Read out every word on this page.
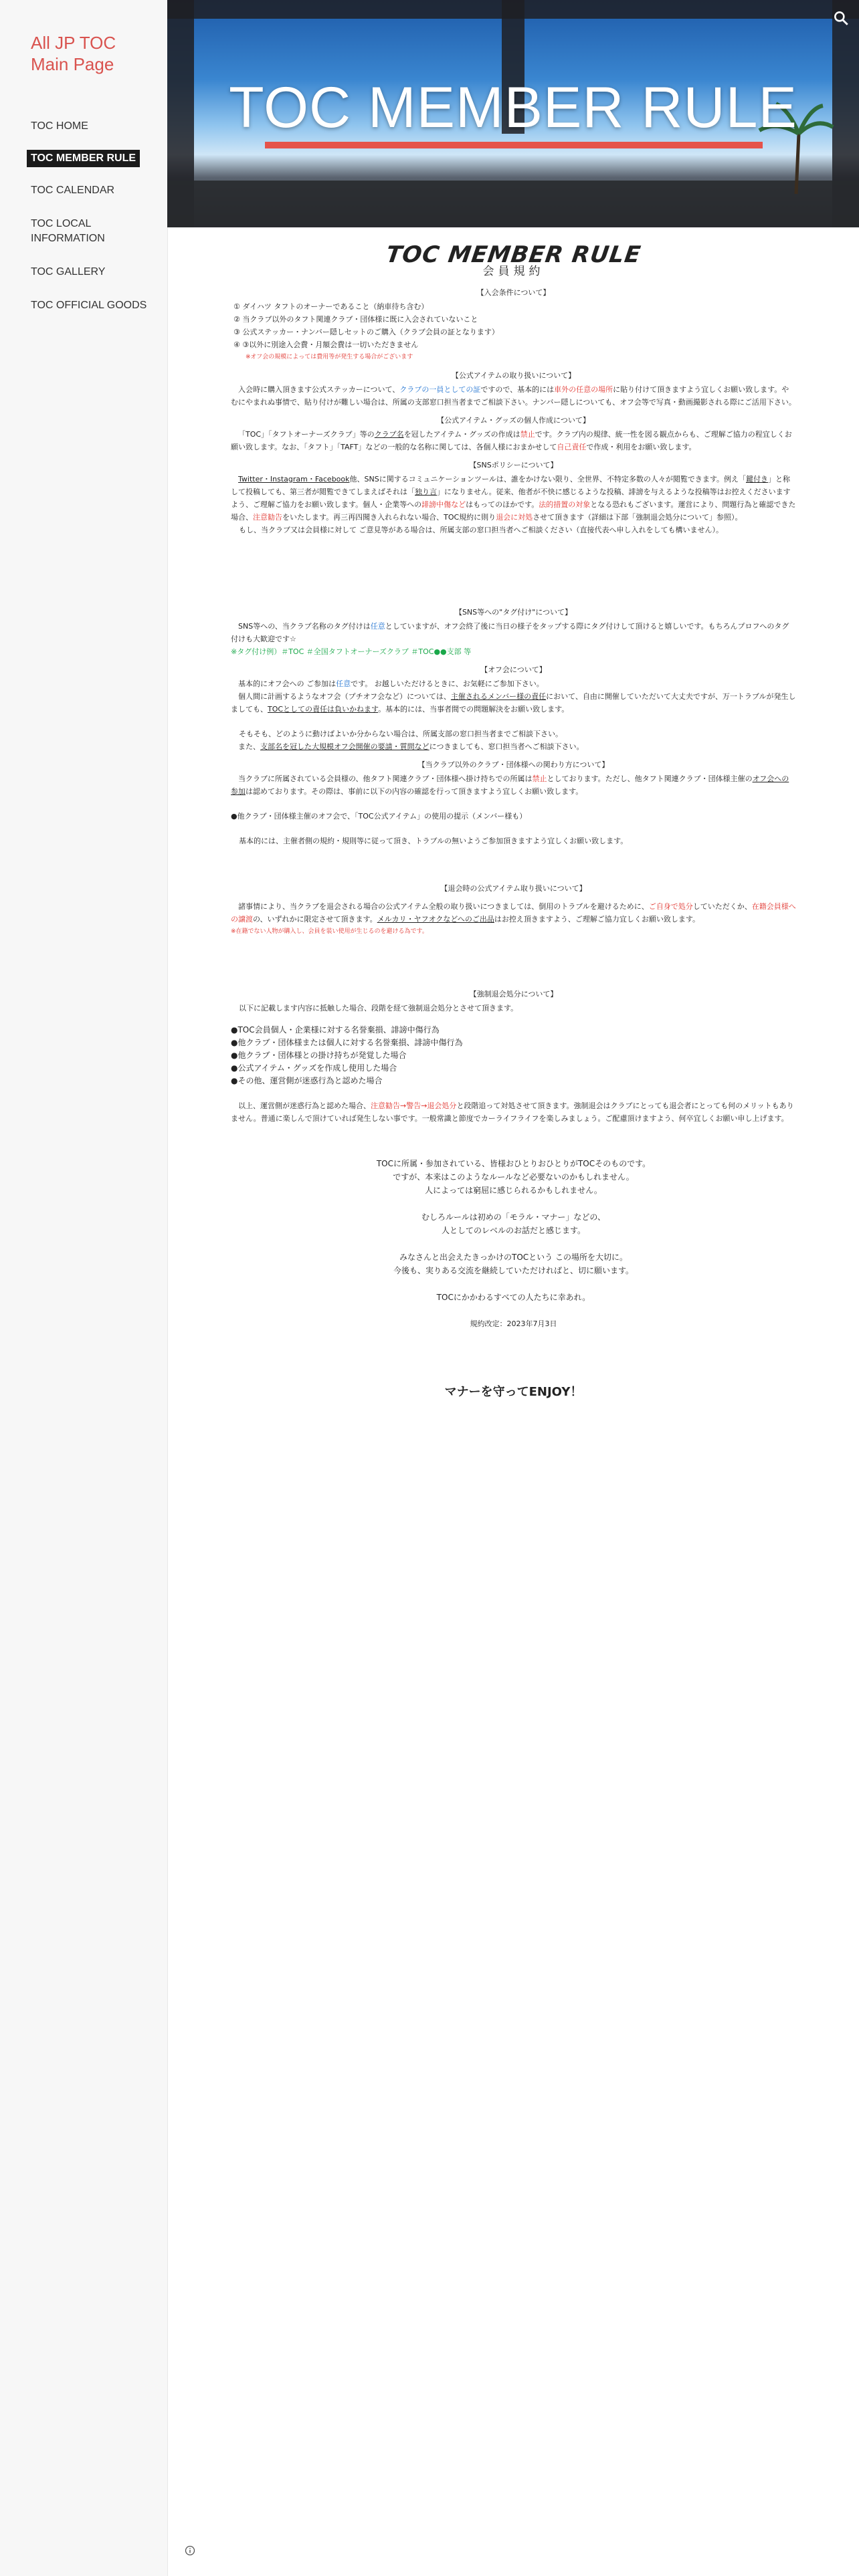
All JP TOC Main Page
TOC HOME
TOC MEMBER RULE
TOC CALENDAR
TOC LOCAL INFORMATION
TOC GALLERY
TOC OFFICIAL GOODS
TOC MEMBER RULE
TOC MEMBER RULE
会員規約
【入会条件について】

① ダイハツ タフトのオーナーであること（納車待ち含む）

② 当クラブ以外のタフト関連クラブ・団体様に既に入会されていないこと

③ 公式ステッカー・ナンバー隠しセットのご購入（クラブ会員の証となります）

④ ③以外に別途入会費・月額会費は一切いただきません

※オフ会の規模によっては費用等が発生する場合がございます

【公式アイテムの取り扱いについて】

 入会時に購入頂きます公式ステッカーについて、クラブの一員としての証ですので、基本的には車外の任意の場所に貼り付けて頂きますよう宜しくお願い致します。やむにやまれぬ事情で、貼り付けが難しい場合は、所属の支部窓口担当者までご相談下さい。ナンバー隠しについても、オフ会等で写真・動画撮影される際にご活用下さい。

【公式アイテム・グッズの個人作成について】

 「TOC」「タフトオーナーズクラブ」等のクラブ名を冠したアイテム・グッズの作成は禁止です。クラブ内の規律、統一性を図る観点からも、ご理解ご協力の程宜しくお願い致します。なお、「タフト」「TAFT」などの一般的な名称に関しては、各個人様におまかせして自己責任で作成・利用をお願い致します。

【SNSポリシーについて】

 Twitter・Instagram・Facebook他、SNSに関するコミュニケーションツールは、誰をかけない限り、全世界、不特定多数の人々が閲覧できます。例え「鍵付き」と称して投稿しても、第三者が閲覧できてしまえばそれは「独り言」になりません。従来、他者が不快に感じるような投稿、誹謗を与えるような投稿等はお控えくださいますよう、ご理解ご協力をお願い致します。個人・企業等への誹謗中傷などはもってのほかです。法的措置の対象となる恐れもございます。運営により、問題行為と確認できた場合、注意勧告をいたします。再三再四聞き入れられない場合、TOC規約に則り退会に対処させて頂きます（詳細は下部「強制退会処分について」参照）。

もし、当クラブ又は会員様に対して ご意見等がある場合は、所属支部の窓口担当者へご相談ください（直接代表へ申し入れをしても構いません）。

【SNS等への"タグ付け"について】

 SNS等への、当クラブ名称のタグ付けは任意としていますが、オフ会終了後に当日の様子をタップする際にタグ付けして頂けると嬉しいです。もちろんプロフへのタグ付けも大歓迎です☆

※タグ付け例）＃TOC ＃全国タフトオーナーズクラブ ＃TOC●●支部 等

【オフ会について】

 基本的にオフ会への ご参加は任意です。 お越しいただけるときに、お気軽にご参加下さい。

 個人間に計画するようなオフ会（プチオフ会など）については、主催されるメンバー様の責任において、自由に開催していただいて大丈夫ですが、万一トラブルが発生しましても、TOCとしての責任は負いかねます。基本的には、当事者間での問題解決をお願い致します。

そもそも、どのように動けばよいか分からない場合は、所属支部の窓口担当者までご相談下さい。

 また、支部名を冠した大規模オフ会開催の要請・質問などにつきましても、窓口担当者へご相談下さい。

【当クラブ以外のクラブ・団体様への関わり方について】

 当クラブに所属されている会員様の、他タフト関連クラブ・団体様へ掛け持ちでの所属は禁止としております。ただし、他タフト関連クラブ・団体様主催のオフ会への参加は認めております。その際は、事前に以下の内容の確認を行って頂きますよう宜しくお願い致します。

●他クラブ・団体様主催のオフ会で、「TOC公式アイテム」の使用の提示（メンバー様も）

基本的には、主催者側の規約・規則等に従って頂き、トラブルの無いようご参加頂きますよう宜しくお願い致します。

【退会時の公式アイテム取り扱いについて】

 諸事情により、当クラブを退会される場合の公式アイテム全般の取り扱いにつきましては、倒用のトラブルを避けるために、ご自身で処分していただくか、在籍会員様への譲渡の、いずれかに限定させて頂きます。メルカリ・ヤフオクなどへのご出品はお控え頂きますよう、ご理解ご協力宜しくお願い致します。

※在籍でない人物が購入し、会員を装い使用が生じるのを避ける為です。

【強制退会処分について】

以下に記載します内容に抵触した場合、段階を経て強制退会処分とさせて頂きます。

●TOC会員個人・企業様に対する名誉棄損、誹謗中傷行為

●他クラブ・団体様または個人に対する名誉棄損、誹謗中傷行為

●他クラブ・団体様との掛け持ちが発覚した場合

●公式アイテム・グッズを作成し使用した場合

●その他、運営側が迷惑行為と認めた場合

 以上、運営側が迷惑行為と認めた場合、注意勧告→警告→退会処分と段階追って対処させて頂きます。強制退会はクラブにとっても退会者にとっても何のメリットもありません。普通に楽しんで頂けていれば発生しない事です。一般常識と節度でカーライフライフを楽しみましょう。ご配慮頂けますよう、何卒宜しくお願い申し上げます。

TOCに所属・参加されている、皆様おひとりおひとりがTOCそのものです。

ですが、本来はこのようなルールなど必要ないのかもしれません。

人によっては窮屈に感じられるかもしれません。

むしろルールは初めの「モラル・マナー」などの、

人としてのレベルのお話だと感じます。

みなさんと出会えたきっかけのTOCという この場所を大切に。

今後も、実りある交流を継続していただければと、切に願います。

TOCにかかわるすべての人たちに幸あれ。

規約改定：2023年7月3日

マナーを守ってENJOY！
